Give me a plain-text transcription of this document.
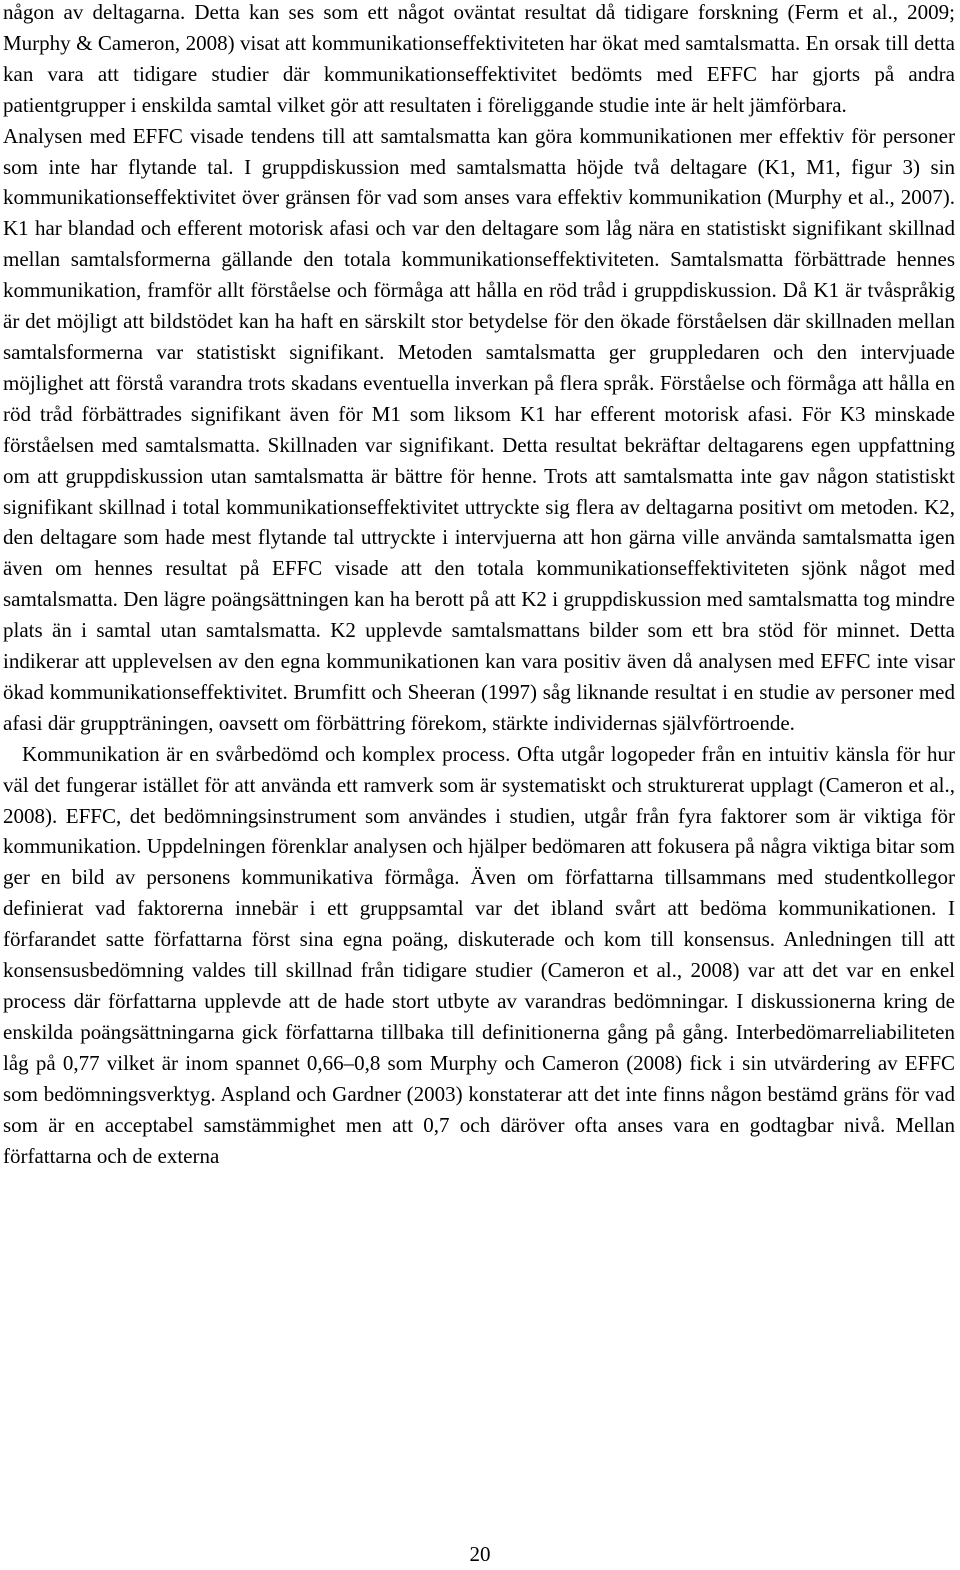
någon av deltagarna. Detta kan ses som ett något oväntat resultat då tidigare forskning (Ferm et al., 2009; Murphy & Cameron, 2008) visat att kommunikationseffektiviteten har ökat med samtalsmatta. En orsak till detta kan vara att tidigare studier där kommunikationseffektivitet bedömts med EFFC har gjorts på andra patientgrupper i enskilda samtal vilket gör att resultaten i föreliggande studie inte är helt jämförbara.

Analysen med EFFC visade tendens till att samtalsmatta kan göra kommunikationen mer effektiv för personer som inte har flytande tal. I gruppdiskussion med samtalsmatta höjde två deltagare (K1, M1, figur 3) sin kommunikationseffektivitet över gränsen för vad som anses vara effektiv kommunikation (Murphy et al., 2007). K1 har blandad och efferent motorisk afasi och var den deltagare som låg nära en statistiskt signifikant skillnad mellan samtalsformerna gällande den totala kommunikationseffektiviteten. Samtalsmatta förbättrade hennes kommunikation, framför allt förståelse och förmåga att hålla en röd tråd i gruppdiskussion. Då K1 är tvåspråkig är det möjligt att bildstödet kan ha haft en särskilt stor betydelse för den ökade förståelsen där skillnaden mellan samtalsformerna var statistiskt signifikant. Metoden samtalsmatta ger gruppledaren och den intervjuade möjlighet att förstå varandra trots skadans eventuella inverkan på flera språk. Förståelse och förmåga att hålla en röd tråd förbättrades signifikant även för M1 som liksom K1 har efferent motorisk afasi. För K3 minskade förståelsen med samtalsmatta. Skillnaden var signifikant. Detta resultat bekräftar deltagarens egen uppfattning om att gruppdiskussion utan samtalsmatta är bättre för henne. Trots att samtalsmatta inte gav någon statistiskt signifikant skillnad i total kommunikationseffektivitet uttryckte sig flera av deltagarna positivt om metoden. K2, den deltagare som hade mest flytande tal uttryckte i intervjuerna att hon gärna ville använda samtalsmatta igen även om hennes resultat på EFFC visade att den totala kommunikationseffektiviteten sjönk något med samtalsmatta. Den lägre poängsättningen kan ha berott på att K2 i gruppdiskussion med samtalsmatta tog mindre plats än i samtal utan samtalsmatta. K2 upplevde samtalsmattans bilder som ett bra stöd för minnet. Detta indikerar att upplevelsen av den egna kommunikationen kan vara positiv även då analysen med EFFC inte visar ökad kommunikationseffektivitet. Brumfitt och Sheeran (1997) såg liknande resultat i en studie av personer med afasi där gruppträningen, oavsett om förbättring förekom, stärkte individernas självförtroende.

Kommunikation är en svårbedömd och komplex process. Ofta utgår logopeder från en intuitiv känsla för hur väl det fungerar istället för att använda ett ramverk som är systematiskt och strukturerat upplagt (Cameron et al., 2008). EFFC, det bedömningsinstrument som användes i studien, utgår från fyra faktorer som är viktiga för kommunikation. Uppdelningen förenklar analysen och hjälper bedömaren att fokusera på några viktiga bitar som ger en bild av personens kommunikativa förmåga. Även om författarna tillsammans med studentkollegor definierat vad faktorerna innebär i ett gruppsamtal var det ibland svårt att bedöma kommunikationen. I förfarandet satte författarna först sina egna poäng, diskuterade och kom till konsensus. Anledningen till att konsensusbedömning valdes till skillnad från tidigare studier (Cameron et al., 2008) var att det var en enkel process där författarna upplevde att de hade stort utbyte av varandras bedömningar. I diskussionerna kring de enskilda poängsättningarna gick författarna tillbaka till definitionerna gång på gång. Interbedömarreliabiliteten låg på 0,77 vilket är inom spannet 0,66–0,8 som Murphy och Cameron (2008) fick i sin utvärdering av EFFC som bedömningsverktyg. Aspland och Gardner (2003) konstaterar att det inte finns någon bestämd gräns för vad som är en acceptabel samstämmighet men att 0,7 och däröver ofta anses vara en godtagbar nivå. Mellan författarna och de externa

20
